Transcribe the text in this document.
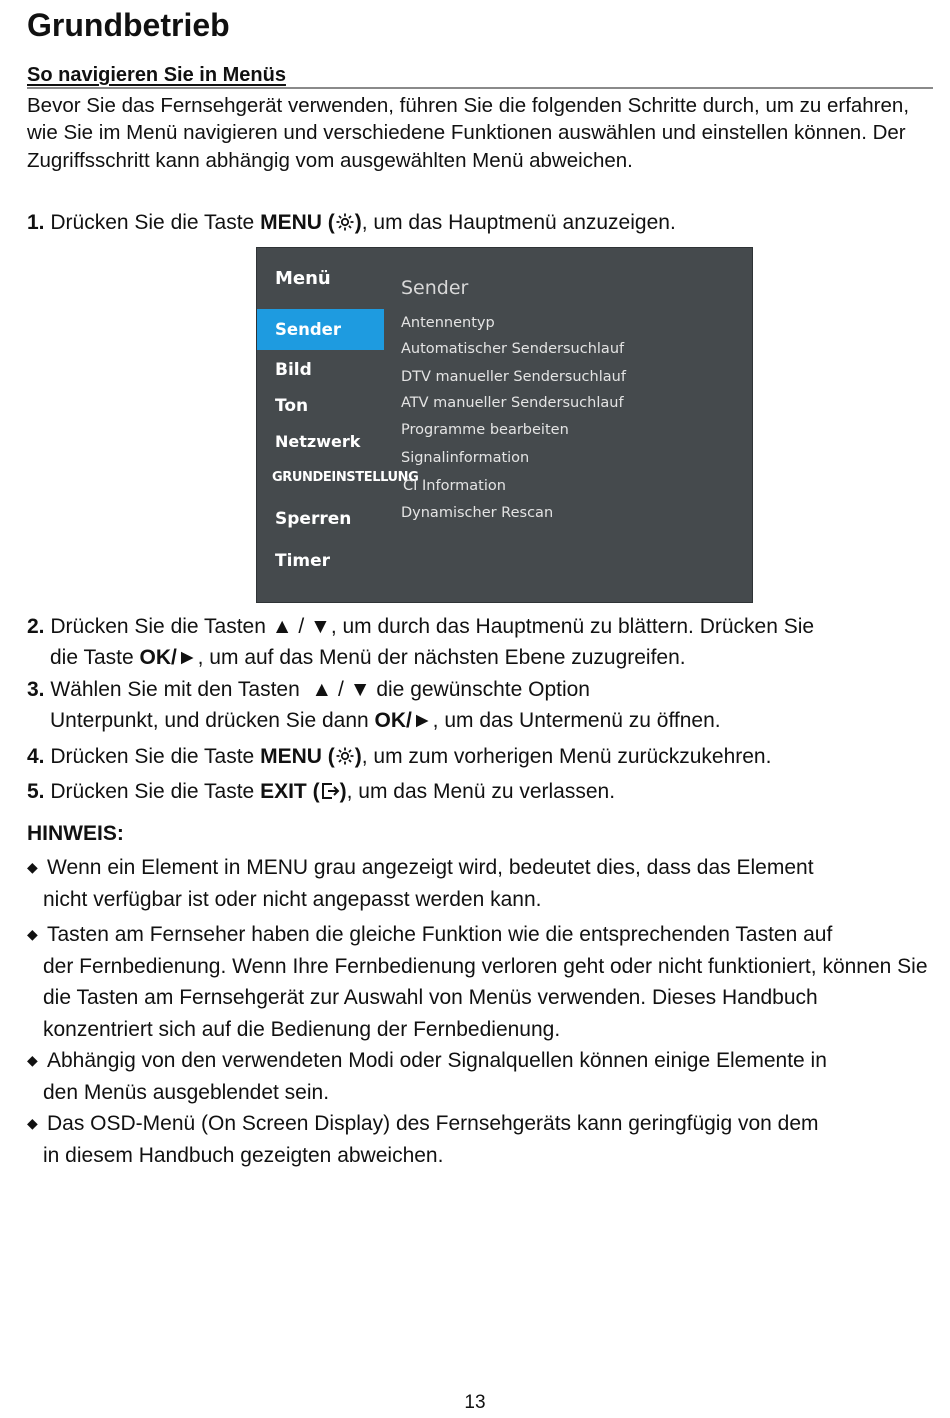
Grundbetrieb
So navigieren Sie in Menüs

Bevor Sie das Fernsehgerät verwenden, führen Sie die folgenden Schritte durch, um zu erfahren, wie Sie im Menü navigieren und verschiedene Funktionen auswählen und einstellen können. Der Zugriffsschritt kann abhängig vom ausgewählten Menü abweichen.

1. Drücken Sie die Taste MENU ( ), um das Hauptmenü anzuzeigen.
Menü
Sender
Bild
Ton
Netzwerk
GRUNDEINSTELLUNG
Sperren
Timer
Sender
Antennentyp
Automatischer Sendersuchlauf
DTV manueller Sendersuchlauf
ATV manueller Sendersuchlauf
Programme bearbeiten
Signalinformation
CI Information
Dynamischer Rescan
2. Drücken Sie die Tasten ▲ / ▼, um durch das Hauptmenü zu blättern. Drücken Sie
die Taste OK/►, um auf das Menü der nächsten Ebene zuzugreifen.
3. Wählen Sie mit den Tasten  ▲ / ▼ die gewünschte Option
Unterpunkt, und drücken Sie dann OK/►, um das Untermenü zu öffnen.
4. Drücken Sie die Taste MENU ( ), um zum vorherigen Menü zurückzukehren.
5. Drücken Sie die Taste EXIT ( ), um das Menü zu verlassen.
HINWEIS:
◆ Wenn ein Element in MENU grau angezeigt wird, bedeutet dies, dass das Element
nicht verfügbar ist oder nicht angepasst werden kann.
◆ Tasten am Fernseher haben die gleiche Funktion wie die entsprechenden Tasten auf
der Fernbedienung. Wenn Ihre Fernbedienung verloren geht oder nicht funktioniert, können Sie die Tasten am Fernsehgerät zur Auswahl von Menüs verwenden. Dieses Handbuch konzentriert sich auf die Bedienung der Fernbedienung.
◆ Abhängig von den verwendeten Modi oder Signalquellen können einige Elemente in
den Menüs ausgeblendet sein.
◆ Das OSD-Menü (On Screen Display) des Fernsehgeräts kann geringfügig von dem
in diesem Handbuch gezeigten abweichen.
13
